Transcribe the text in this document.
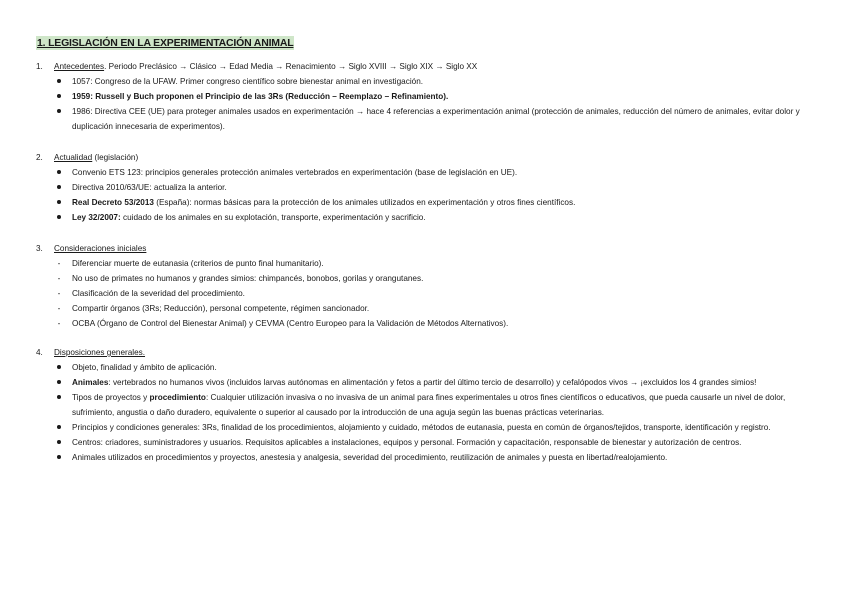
1. LEGISLACIÓN EN LA EXPERIMENTACIÓN ANIMAL
1. Antecedentes. Periodo Preclásico → Clásico → Edad Media → Renacimiento → Siglo XVIII → Siglo XIX → Siglo XX
1057: Congreso de la UFAW. Primer congreso científico sobre bienestar animal en investigación.
1959: Russell y Buch proponen el Principio de las 3Rs (Reducción – Reemplazo – Refinamiento).
1986: Directiva CEE (UE) para proteger animales usados en experimentación → hace 4 referencias a experimentación animal (protección de animales, reducción del número de animales, evitar dolor y duplicación innecesaria de experimentos).
2. Actualidad (legislación)
Convenio ETS 123: principios generales protección animales vertebrados en experimentación (base de legislación en UE).
Directiva 2010/63/UE: actualiza la anterior.
Real Decreto 53/2013 (España): normas básicas para la protección de los animales utilizados en experimentación y otros fines científicos.
Ley 32/2007: cuidado de los animales en su explotación, transporte, experimentación y sacrificio.
3. Consideraciones iniciales
-	Diferenciar muerte de eutanasia (criterios de punto final humanitario).
-	No uso de primates no humanos y grandes simios: chimpancés, bonobos, gorilas y orangutanes.
-	Clasificación de la severidad del procedimiento.
-	Compartir órganos (3Rs; Reducción), personal competente, régimen sancionador.
-	OCBA (Órgano de Control del Bienestar Animal) y CEVMA (Centro Europeo para la Validación de Métodos Alternativos).
4. Disposiciones generales.
Objeto, finalidad y ámbito de aplicación.
Animales: vertebrados no humanos vivos (incluidos larvas autónomas en alimentación y fetos a partir del último tercio de desarrollo) y cefalópodos vivos → ¡excluidos los 4 grandes simios!
Tipos de proyectos y procedimiento: Cualquier utilización invasiva o no invasiva de un animal para fines experimentales u otros fines científicos o educativos, que pueda causarle un nivel de dolor, sufrimiento, angustia o daño duradero, equivalente o superior al causado por la introducción de una aguja según las buenas prácticas veterinarias.
Principios y condiciones generales: 3Rs, finalidad de los procedimientos, alojamiento y cuidado, métodos de eutanasia, puesta en común de órganos/tejidos, transporte, identificación y registro.
Centros: criadores, suministradores y usuarios. Requisitos aplicables a instalaciones, equipos y personal. Formación y capacitación, responsable de bienestar y autorización de centros.
Animales utilizados en procedimientos y proyectos, anestesia y analgesia, severidad del procedimiento, reutilización de animales y puesta en libertad/realojamiento.
